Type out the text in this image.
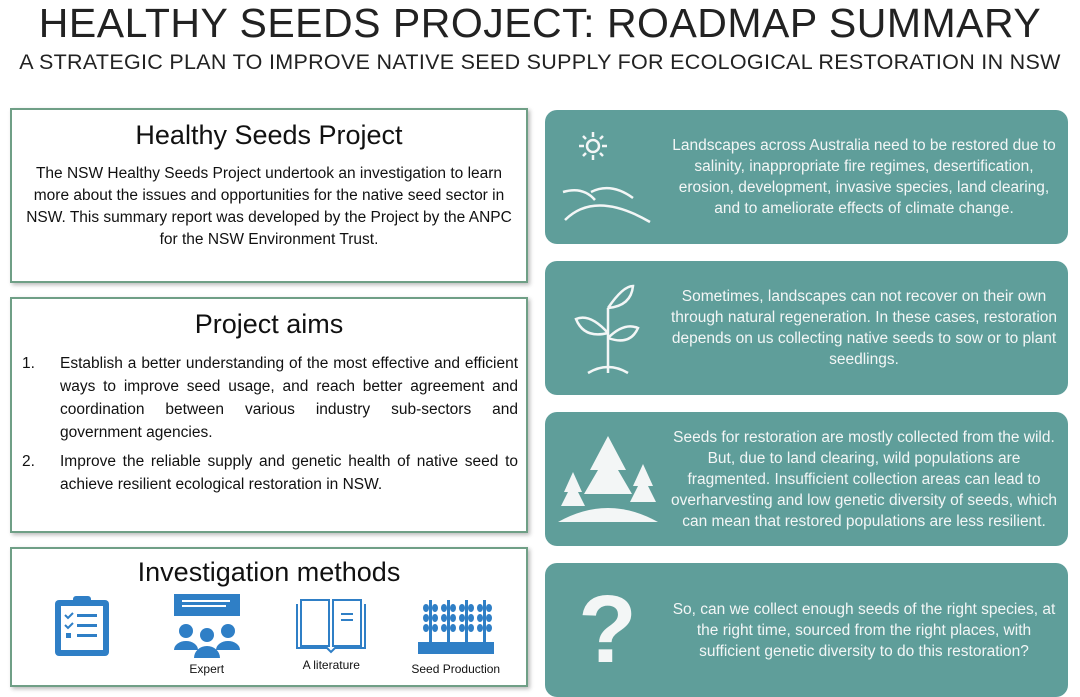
HEALTHY SEEDS PROJECT: ROADMAP SUMMARY
A STRATEGIC PLAN TO IMPROVE NATIVE SEED SUPPLY FOR ECOLOGICAL RESTORATION IN NSW
Healthy Seeds Project

The NSW Healthy Seeds Project undertook an investigation to learn more about the issues and opportunities for the native seed sector in NSW. This summary report was developed by the Project by the ANPC for the NSW Environment Trust.

Project aims
1.	Establish a better understanding of the most effective and efficient ways to improve seed usage, and reach better agreement and coordination between various industry sub-sectors and government agencies.
2.	Improve the reliable supply and genetic health of native seed to achieve resilient ecological restoration in NSW.
Investigation methods
Expert	A literature	Seed Production
Landscapes across Australia need to be restored due to salinity, inappropriate fire regimes, desertification, erosion, development, invasive species, land clearing, and to ameliorate effects of climate change.
Sometimes, landscapes can not recover on their own through natural regeneration. In these cases, restoration depends on us collecting native seeds to sow or to plant seedlings.
Seeds for restoration are mostly collected from the wild. But, due to land clearing, wild populations are fragmented. Insufficient collection areas can lead to overharvesting and low genetic diversity of seeds, which can mean that restored populations are less resilient.
?	So, can we collect enough seeds of the right species, at the right time, sourced from the right places, with sufficient genetic diversity to do this restoration?
